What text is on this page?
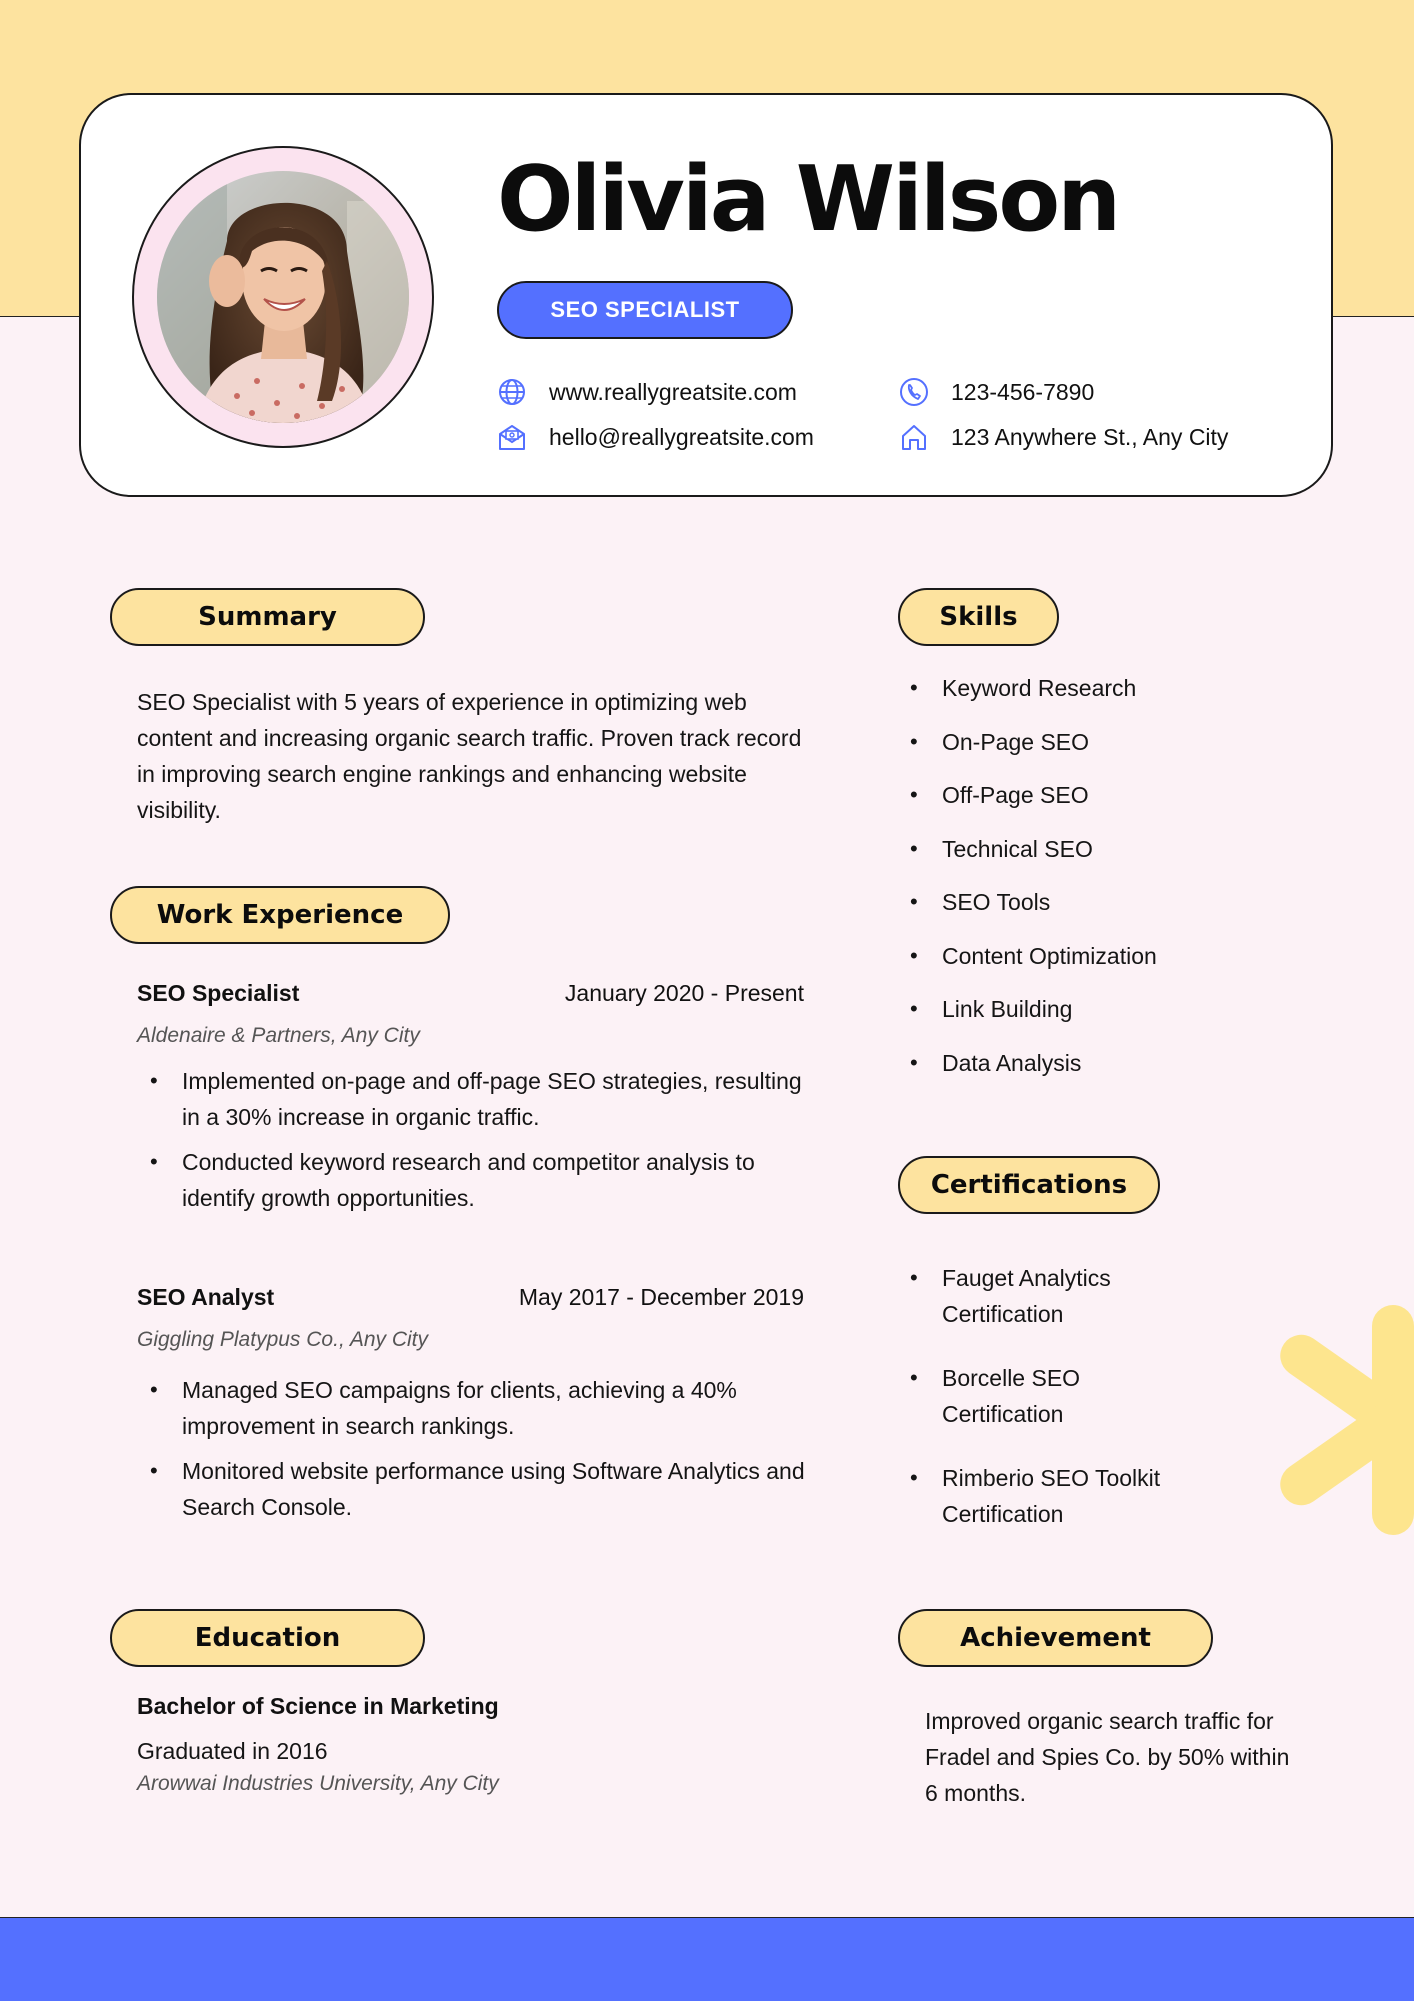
Olivia Wilson
SEO SPECIALIST
www.reallygreatsite.com
hello@reallygreatsite.com
123-456-7890
123 Anywhere St., Any City
Summary

SEO Specialist with 5 years of experience in optimizing web content and increasing organic search traffic. Proven track record in improving search engine rankings and enhancing website visibility.

Work Experience
SEO Specialist	January 2020 - Present
Aldenaire & Partners, Any City
• Implemented on-page and off-page SEO strategies, resulting in a 30% increase in organic traffic.
• Conducted keyword research and competitor analysis to identify growth opportunities.
SEO Analyst	May 2017 - December 2019
Giggling Platypus Co., Any City
• Managed SEO campaigns for clients, achieving a 40% improvement in search rankings.
• Monitored website performance using Software Analytics and Search Console.
Education
Bachelor of Science in Marketing
Graduated in 2016
Arowwai Industries University, Any City
Skills
• Keyword Research
• On-Page SEO
• Off-Page SEO
• Technical SEO
• SEO Tools
• Content Optimization
• Link Building
• Data Analysis
Certifications
• Fauget Analytics Certification
• Borcelle SEO Certification
• Rimberio SEO Toolkit Certification
Achievement

Improved organic search traffic for Fradel and Spies Co. by 50% within 6 months.
